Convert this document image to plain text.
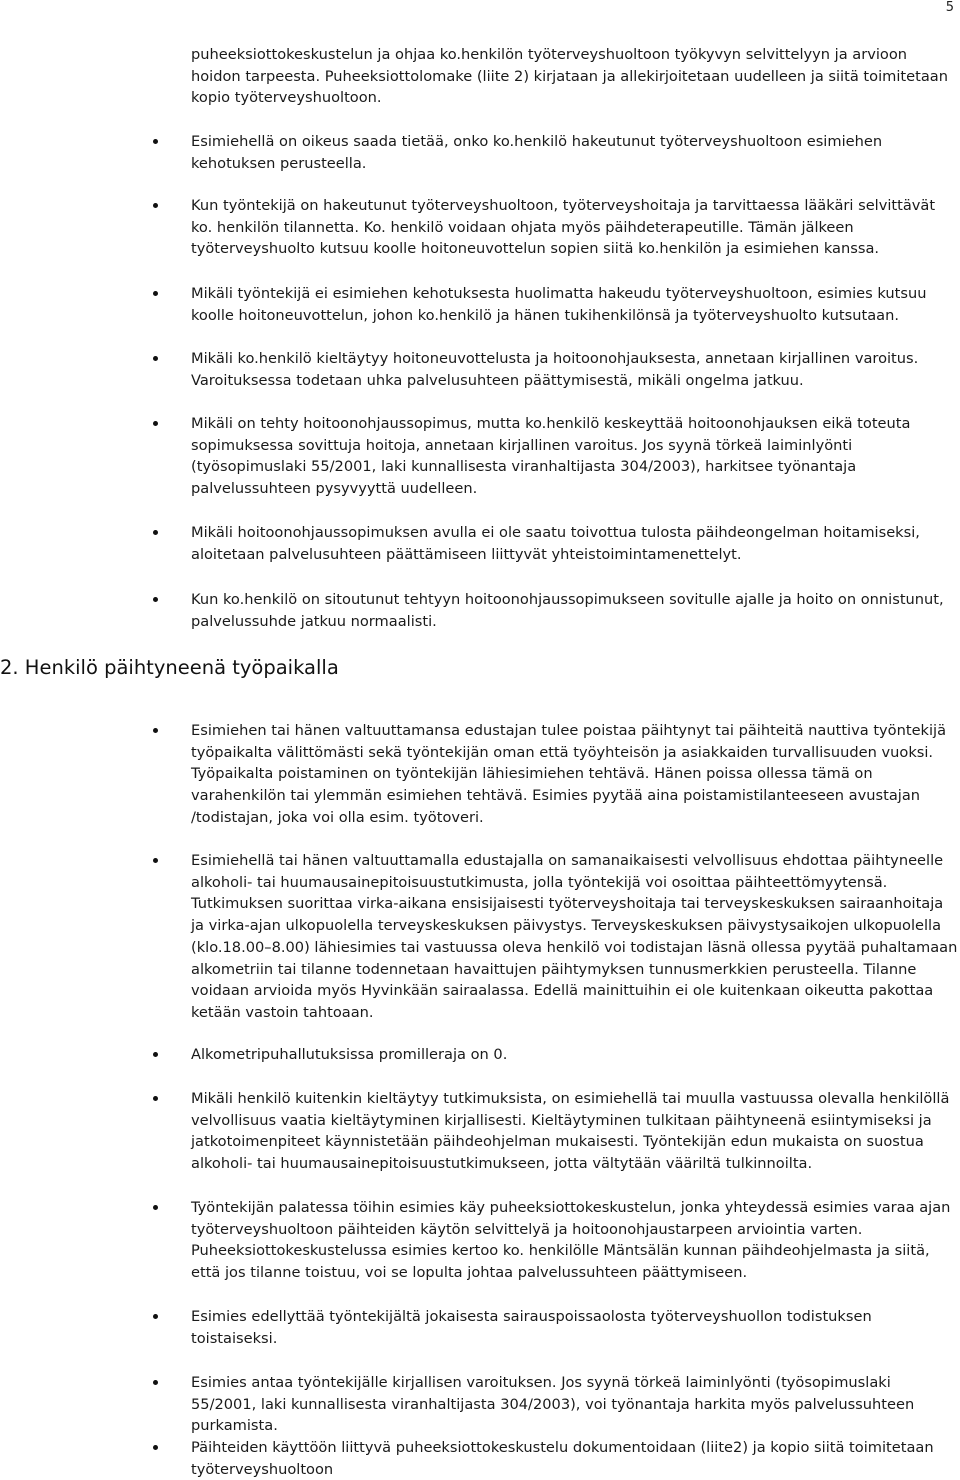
5

puheeksiottokeskustelun ja ohjaa ko.henkilön työterveyshuoltoon työkyvyn selvittelyyn ja arvioon hoidon tarpeesta. Puheeksiottolomake (liite 2) kirjataan ja allekirjoitetaan uudelleen ja siitä toimitetaan kopio työterveyshuoltoon.

Esimiehellä on oikeus saada tietää, onko ko.henkilö hakeutunut työterveyshuoltoon esimiehen kehotuksen perusteella.
Kun työntekijä on hakeutunut työterveyshuoltoon, työterveyshoitaja ja tarvittaessa lääkäri selvittävät ko. henkilön tilannetta. Ko. henkilö voidaan ohjata myös päihdeterapeutille. Tämän jälkeen työterveyshuolto kutsuu koolle hoitoneuvottelun sopien siitä ko.henkilön ja esimiehen kanssa.
Mikäli työntekijä ei esimiehen kehotuksesta huolimatta hakeudu työterveyshuoltoon, esimies kutsuu koolle hoitoneuvottelun, johon ko.henkilö ja hänen tukihenkilönsä ja työterveyshuolto kutsutaan.
Mikäli ko.henkilö kieltäytyy hoitoneuvottelusta ja hoitoonohjauksesta, annetaan kirjallinen varoitus. Varoituksessa todetaan uhka palvelusuhteen päättymisestä, mikäli ongelma jatkuu.
Mikäli on tehty hoitoonohjaussopimus, mutta ko.henkilö keskeyttää hoitoonohjauksen eikä toteuta sopimuksessa sovittuja hoitoja, annetaan kirjallinen varoitus. Jos syynä törkeä laiminlyönti (työsopimuslaki 55/2001, laki kunnallisesta viranhaltijasta 304/2003), harkitsee työnantaja palvelussuhteen pysyvyyttä uudelleen.
Mikäli hoitoonohjaussopimuksen avulla ei ole saatu toivottua tulosta päihdeongelman hoitamiseksi, aloitetaan palvelusuhteen päättämiseen liittyvät yhteistoimintamenettelyt.
Kun ko.henkilö on sitoutunut tehtyyn hoitoonohjaussopimukseen sovitulle ajalle ja hoito on onnistunut, palvelussuhde jatkuu normaalisti.
2. Henkilö päihtyneenä työpaikalla
Esimiehen tai hänen valtuuttamansa edustajan tulee poistaa päihtynyt tai päihteitä nauttiva työntekijä työpaikalta välittömästi sekä työntekijän oman että työyhteisön ja asiakkaiden turvallisuuden vuoksi. Työpaikalta poistaminen on työntekijän lähiesimiehen tehtävä. Hänen poissa ollessa tämä on varahenkilön tai ylemmän esimiehen tehtävä. Esimies pyytää aina poistamistilanteeseen avustajan /todistajan, joka voi olla esim. työtoveri.
Esimiehellä tai hänen valtuuttamalla edustajalla on samanaikaisesti velvollisuus ehdottaa päihtyneelle alkoholi- tai huumausainepitoisuustutkimusta, jolla työntekijä voi osoittaa päihteettömyytensä. Tutkimuksen suorittaa virka-aikana ensisijaisesti työterveyshoitaja tai terveyskeskuksen sairaanhoitaja ja virka-ajan ulkopuolella terveyskeskuksen päivystys. Terveyskeskuksen päivystysaikojen ulkopuolella (klo.18.00–8.00) lähiesimies tai vastuussa oleva henkilö voi todistajan läsnä ollessa pyytää puhaltamaan alkometriin tai tilanne todennetaan havaittujen päihtymyksen tunnusmerkkien perusteella. Tilanne voidaan arvioida myös Hyvinkään sairaalassa. Edellä mainittuihin ei ole kuitenkaan oikeutta pakottaa ketään vastoin tahtoaan.
Alkometripuhallutuksissa promilleraja on 0.
Mikäli henkilö kuitenkin kieltäytyy tutkimuksista, on esimiehellä tai muulla vastuussa olevalla henkilöllä velvollisuus vaatia kieltäytyminen kirjallisesti. Kieltäytyminen tulkitaan päihtyneenä esiintymiseksi ja jatkotoimenpiteet käynnistetään päihdeohjelman mukaisesti. Työntekijän edun mukaista on suostua alkoholi- tai huumausainepitoisuustutkimukseen, jotta vältytään vääriltä tulkinnoilta.
Työntekijän palatessa töihin esimies käy puheeksiottokeskustelun, jonka yhteydessä esimies varaa ajan työterveyshuoltoon päihteiden käytön selvittelyä ja hoitoonohjaustarpeen arviointia varten. Puheeksiottokeskustelussa esimies kertoo ko. henkilölle Mäntsälän kunnan päihdeohjelmasta ja siitä, että jos tilanne toistuu, voi se lopulta johtaa palvelussuhteen päättymiseen.
Esimies edellyttää työntekijältä jokaisesta sairauspoissaolosta työterveyshuollon todistuksen toistaiseksi.
Esimies antaa työntekijälle kirjallisen varoituksen. Jos syynä törkeä laiminlyönti (työsopimuslaki 55/2001, laki kunnallisesta viranhaltijasta 304/2003), voi työnantaja harkita myös palvelussuhteen purkamista.
Päihteiden käyttöön liittyvä puheeksiottokeskustelu dokumentoidaan (liite2) ja kopio siitä toimitetaan työterveyshuoltoon
